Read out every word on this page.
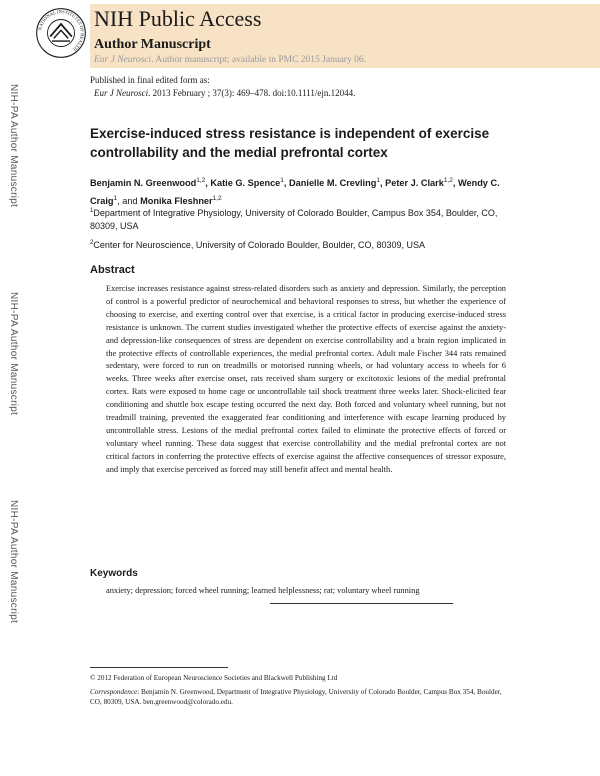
NATIONAL INSTITUTES OF HEALTH
NIH Public Access
Author Manuscript
Eur J Neurosci. Author manuscript; available in PMC 2015 January 06.
Published in final edited form as:
Eur J Neurosci. 2013 February ; 37(3): 469–478. doi:10.1111/ejn.12044.
NIH-PA Author Manuscript
NIH-PA Author Manuscript
NIH-PA Author Manuscript
Exercise-induced stress resistance is independent of exercise controllability and the medial prefrontal cortex
Benjamin N. Greenwood$^{1,2}$, Katie G. Spence$^1$, Danielle M. Crevling$^1$, Peter J. Clark$^{1,2}$, Wendy C. Craig$^1$, and Monika Fleshner$^{1,2}$
$^1$Department of Integrative Physiology, University of Colorado Boulder, Campus Box 354, Boulder, CO, 80309, USA
$^2$Center for Neuroscience, University of Colorado Boulder, Boulder, CO, 80309, USA
Abstract
Exercise increases resistance against stress-related disorders such as anxiety and depression. Similarly, the perception of control is a powerful predictor of neurochemical and behavioral responses to stress, but whether the experience of choosing to exercise, and exerting control over that exercise, is a critical factor in producing exercise-induced stress resistance is unknown. The current studies investigated whether the protective effects of exercise against the anxiety- and depression-like consequences of stress are dependent on exercise controllability and a brain region implicated in the protective effects of controllable experiences, the medial prefrontal cortex. Adult male Fischer 344 rats remained sedentary, were forced to run on treadmills or motorised running wheels, or had voluntary access to wheels for 6 weeks. Three weeks after exercise onset, rats received sham surgery or excitotoxic lesions of the medial prefrontal cortex. Rats were exposed to home cage or uncontrollable tail shock treatment three weeks later. Shock-elicited fear conditioning and shuttle box escape testing occurred the next day. Both forced and voluntary wheel running, but not treadmill training, prevented the exaggerated fear conditioning and interference with escape learning produced by uncontrollable stress. Lesions of the medial prefrontal cortex failed to eliminate the protective effects of forced or voluntary wheel running. These data suggest that exercise controllability and the medial prefrontal cortex are not critical factors in conferring the protective effects of exercise against the affective consequences of stressor exposure, and imply that exercise perceived as forced may still benefit affect and mental health.
Keywords
anxiety; depression; forced wheel running; learned helplessness; rat; voluntary wheel running
© 2012 Federation of European Neuroscience Societies and Blackwell Publishing Ltd
Correspondence: Benjamin N. Greenwood, Department of Integrative Physiology, University of Colorado Boulder, Campus Box 354, Boulder, CO, 80309, USA. ben.greenwood@colorado.edu.
